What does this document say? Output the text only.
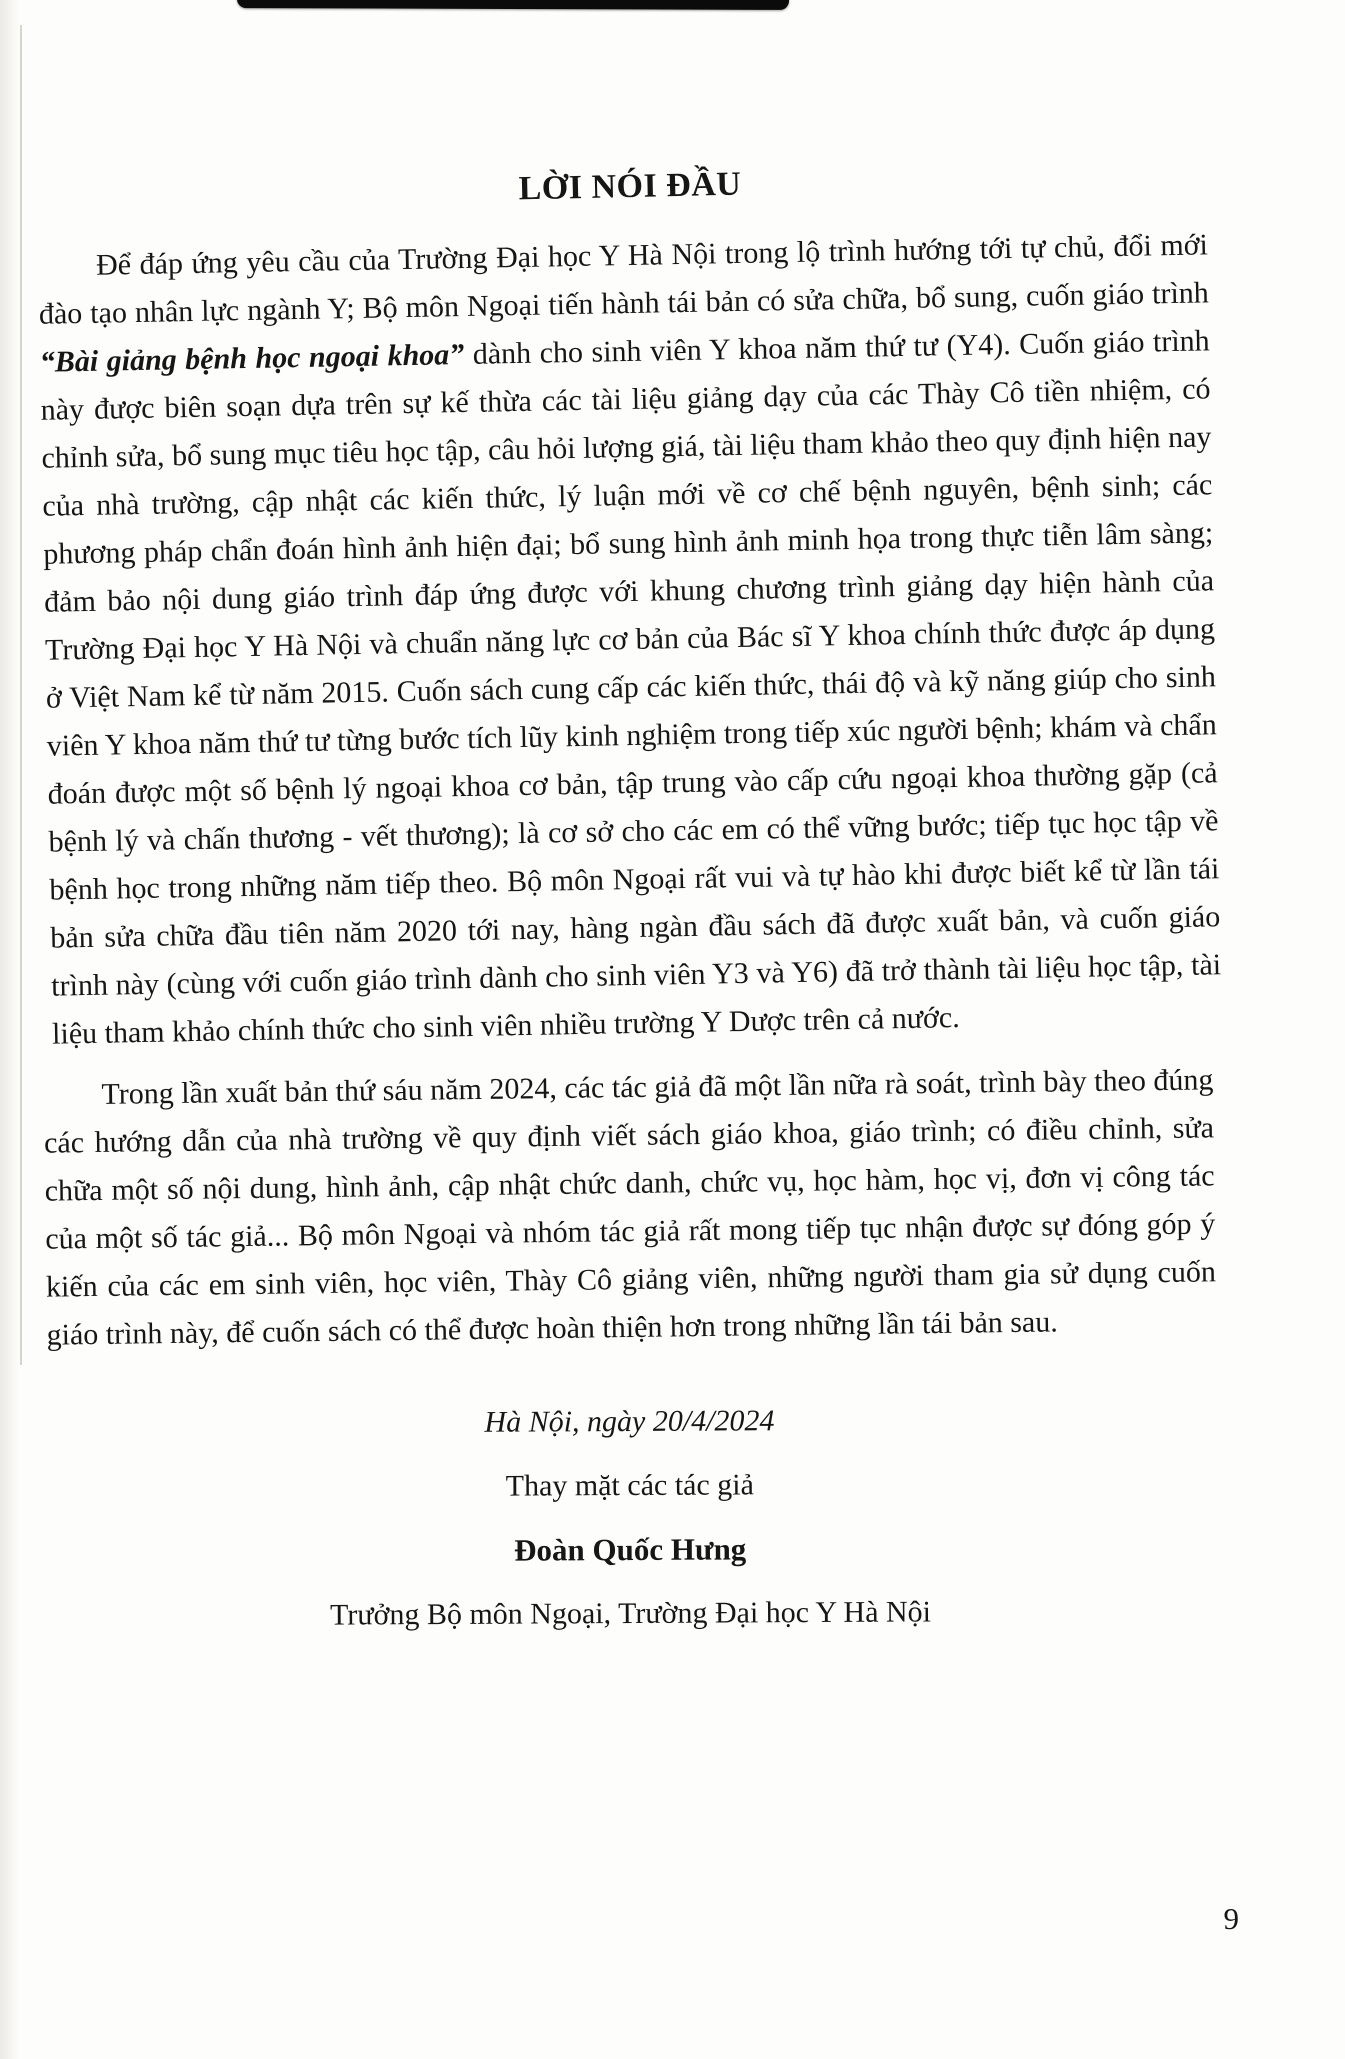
LỜI NÓI ĐẦU

Để đáp ứng yêu cầu của Trường Đại học Y Hà Nội trong lộ trình hướng tới tự chủ, đổi mới đào tạo nhân lực ngành Y; Bộ môn Ngoại tiến hành tái bản có sửa chữa, bổ sung, cuốn giáo trình “Bài giảng bệnh học ngoại khoa” dành cho sinh viên Y khoa năm thứ tư (Y4). Cuốn giáo trình này được biên soạn dựa trên sự kế thừa các tài liệu giảng dạy của các Thày Cô tiền nhiệm, có chỉnh sửa, bổ sung mục tiêu học tập, câu hỏi lượng giá, tài liệu tham khảo theo quy định hiện nay của nhà trường, cập nhật các kiến thức, lý luận mới về cơ chế bệnh nguyên, bệnh sinh; các phương pháp chẩn đoán hình ảnh hiện đại; bổ sung hình ảnh minh họa trong thực tiễn lâm sàng; đảm bảo nội dung giáo trình đáp ứng được với khung chương trình giảng dạy hiện hành của Trường Đại học Y Hà Nội và chuẩn năng lực cơ bản của Bác sĩ Y khoa chính thức được áp dụng ở Việt Nam kể từ năm 2015. Cuốn sách cung cấp các kiến thức, thái độ và kỹ năng giúp cho sinh viên Y khoa năm thứ tư từng bước tích lũy kinh nghiệm trong tiếp xúc người bệnh; khám và chẩn đoán được một số bệnh lý ngoại khoa cơ bản, tập trung vào cấp cứu ngoại khoa thường gặp (cả bệnh lý và chấn thương - vết thương); là cơ sở cho các em có thể vững bước; tiếp tục học tập về bệnh học trong những năm tiếp theo. Bộ môn Ngoại rất vui và tự hào khi được biết kể từ lần tái bản sửa chữa đầu tiên năm 2020 tới nay, hàng ngàn đầu sách đã được xuất bản, và cuốn giáo trình này (cùng với cuốn giáo trình dành cho sinh viên Y3 và Y6) đã trở thành tài liệu học tập, tài liệu tham khảo chính thức cho sinh viên nhiều trường Y Dược trên cả nước.

Trong lần xuất bản thứ sáu năm 2024, các tác giả đã một lần nữa rà soát, trình bày theo đúng các hướng dẫn của nhà trường về quy định viết sách giáo khoa, giáo trình; có điều chỉnh, sửa chữa một số nội dung, hình ảnh, cập nhật chức danh, chức vụ, học hàm, học vị, đơn vị công tác của một số tác giả... Bộ môn Ngoại và nhóm tác giả rất mong tiếp tục nhận được sự đóng góp ý kiến của các em sinh viên, học viên, Thày Cô giảng viên, những người tham gia sử dụng cuốn giáo trình này, để cuốn sách có thể được hoàn thiện hơn trong những lần tái bản sau.

Hà Nội, ngày 20/4/2024

Thay mặt các tác giả

Đoàn Quốc Hưng

Trưởng Bộ môn Ngoại, Trường Đại học Y Hà Nội

9
